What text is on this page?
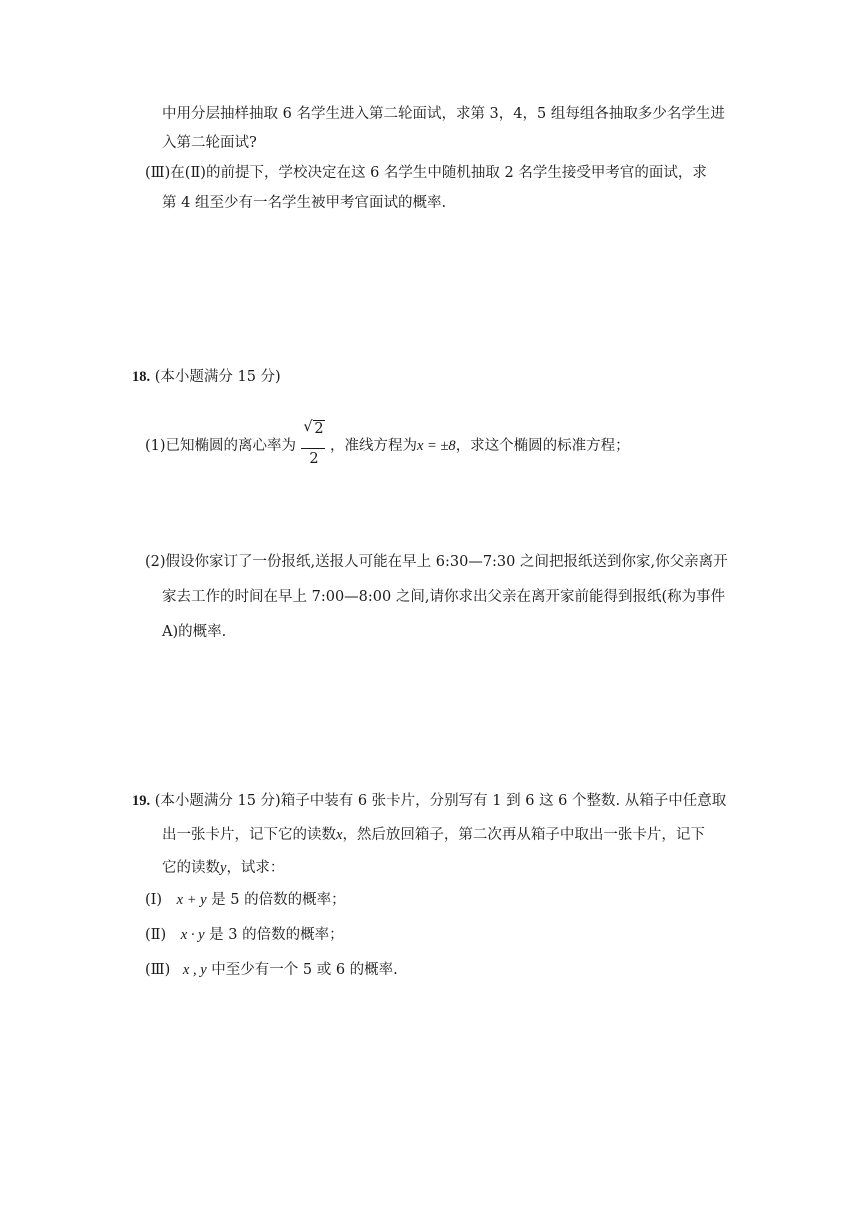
中用分层抽样抽取 6 名学生进入第二轮面试，求第 3，4，5 组每组各抽取多少名学生进
入第二轮面试?
(Ⅲ)在(Ⅱ)的前提下，学校决定在这 6 名学生中随机抽取 2 名学生接受甲考官的面试，求
第 4 组至少有一名学生被甲考官面试的概率.
18. (本小题满分 15 分)
(1)已知椭圆的离心率为
√ 2
2
，准线方程为x = ±8，求这个椭圆的标准方程；
(2)假设你家订了一份报纸,送报人可能在早上 6:30—7:30 之间把报纸送到你家,你父亲离开
家去工作的时间在早上 7:00—8:00 之间,请你求出父亲在离开家前能得到报纸(称为事件
A)的概率.
19. (本小题满分 15 分)箱子中装有 6 张卡片，分别写有 1 到 6 这 6 个整数. 从箱子中任意取
出一张卡片，记下它的读数x，然后放回箱子，第二次再从箱子中取出一张卡片，记下
它的读数y，试求：
(Ⅰ) x + y 是 5 的倍数的概率；
(Ⅱ) x · y 是 3 的倍数的概率；
(Ⅲ) x , y 中至少有一个 5 或 6 的概率.
